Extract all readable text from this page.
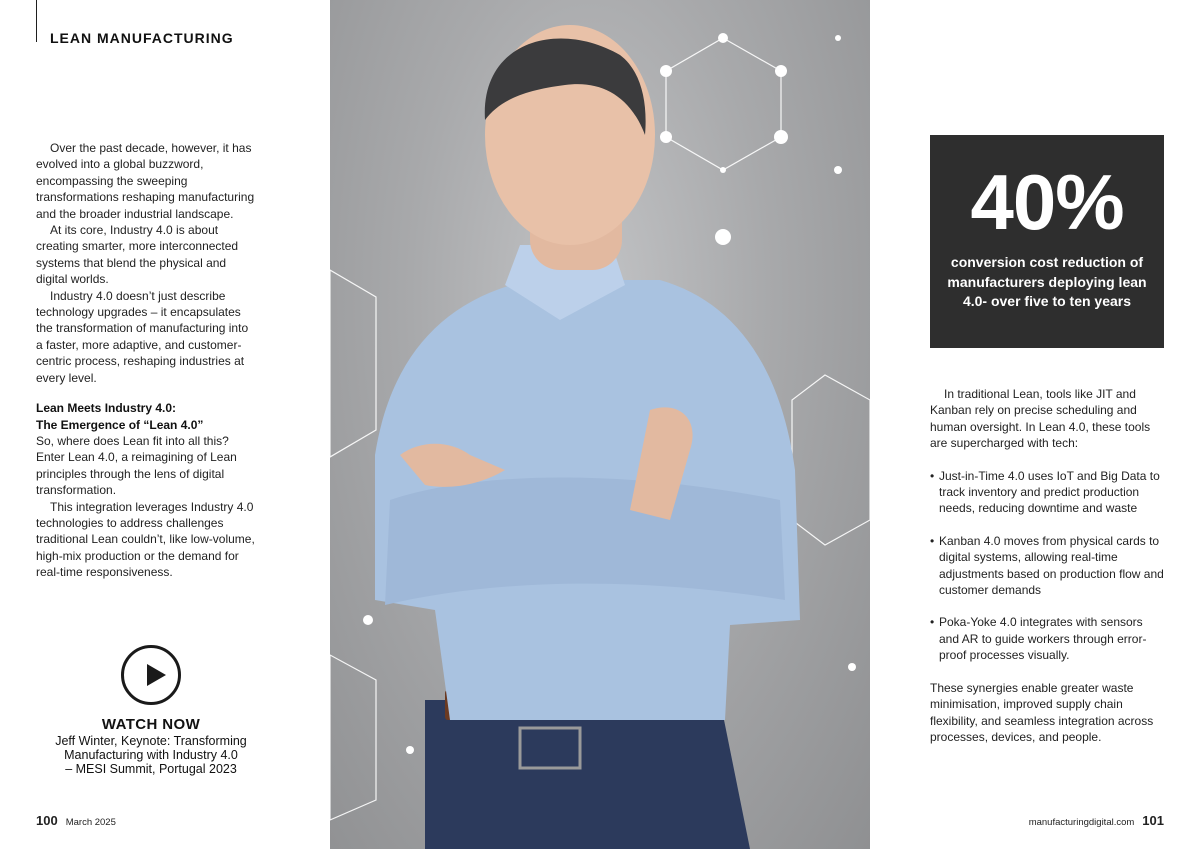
LEAN MANUFACTURING

Over the past decade, however, it has evolved into a global buzzword, encompassing the sweeping transformations reshaping manufacturing and the broader industrial landscape.

At its core, Industry 4.0 is about creating smarter, more interconnected systems that blend the physical and digital worlds.

Industry 4.0 doesn’t just describe technology upgrades – it encapsulates the transformation of manufacturing into a faster, more adaptive, and customer-centric process, reshaping industries at every level.

Lean Meets Industry 4.0:
The Emergence of “Lean 4.0”

So, where does Lean fit into all this? Enter Lean 4.0, a reimagining of Lean principles through the lens of digital transformation.

This integration leverages Industry 4.0 technologies to address challenges traditional Lean couldn’t, like low-volume, high-mix production or the demand for real-time responsiveness.

WATCH NOW
Jeff Winter, Keynote: Transforming
Manufacturing with Industry 4.0
– MESI Summit, Portugal 2023
100 March 2025
40%
conversion cost reduction of manufacturers deploying lean 4.0- over five to ten years

In traditional Lean, tools like JIT and Kanban rely on precise scheduling and human oversight. In Lean 4.0, these tools are supercharged with tech:

• Just-in-Time 4.0 uses IoT and Big Data to track inventory and predict production needs, reducing downtime and waste
• Kanban 4.0 moves from physical cards to digital systems, allowing real-time adjustments based on production flow and customer demands
• Poka-Yoke 4.0 integrates with sensors and AR to guide workers through error-proof processes visually.

These synergies enable greater waste minimisation, improved supply chain flexibility, and seamless integration across processes, devices, and people.

manufacturingdigital.com 101
